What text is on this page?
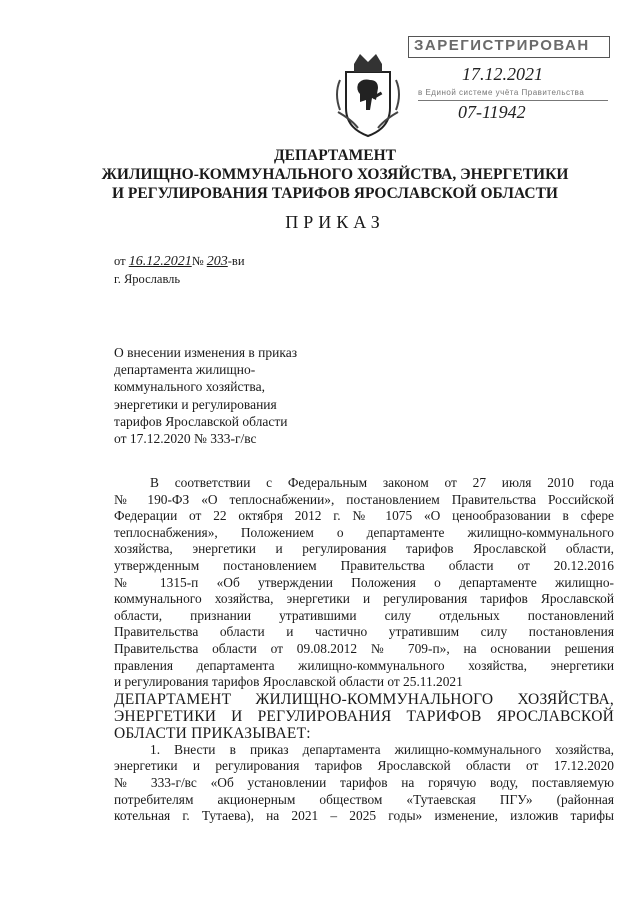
ЗАРЕГИСТРИРОВАН
17.12.2021
в Единой системе учёта Правительства
07-11942
ДЕПАРТАМЕНТ
ЖИЛИЩНО-КОММУНАЛЬНОГО ХОЗЯЙСТВА, ЭНЕРГЕТИКИ
И РЕГУЛИРОВАНИЯ ТАРИФОВ ЯРОСЛАВСКОЙ ОБЛАСТИ
ПРИКАЗ
от 16.12.2021№ 203-ви
г. Ярославль
О внесении изменения в приказ
департамента жилищно-
коммунального хозяйства,
энергетики и регулирования
тарифов Ярославской области
от 17.12.2020 № 333-г/вс
В соответствии с Федеральным законом от 27 июля 2010 года
№ 190-ФЗ «О теплоснабжении», постановлением Правительства Российской
Федерации от 22 октября 2012 г. № 1075 «О ценообразовании в сфере
теплоснабжения», Положением о департаменте жилищно-коммунального
хозяйства, энергетики и регулирования тарифов Ярославской области,
утвержденным постановлением Правительства области от 20.12.2016
№ 1315-п «Об утверждении Положения о департаменте жилищно-
коммунального хозяйства, энергетики и регулирования тарифов Ярославской
области, признании утратившими силу отдельных постановлений
Правительства области и частично утратившим силу постановления
Правительства области от 09.08.2012 № 709-п», на основании решения
правления департамента жилищно-коммунального хозяйства, энергетики
и регулирования тарифов Ярославской области от 25.11.2021
ДЕПАРТАМЕНТ ЖИЛИЩНО-КОММУНАЛЬНОГО ХОЗЯЙСТВА,
ЭНЕРГЕТИКИ И РЕГУЛИРОВАНИЯ ТАРИФОВ ЯРОСЛАВСКОЙ
ОБЛАСТИ ПРИКАЗЫВАЕТ:
1. Внести в приказ департамента жилищно-коммунального хозяйства,
энергетики и регулирования тарифов Ярославской области от 17.12.2020
№ 333-г/вс «Об установлении тарифов на горячую воду, поставляемую
потребителям акционерным обществом «Тутаевская ПГУ» (районная
котельная г. Тутаева), на 2021 – 2025 годы» изменение, изложив тарифы
